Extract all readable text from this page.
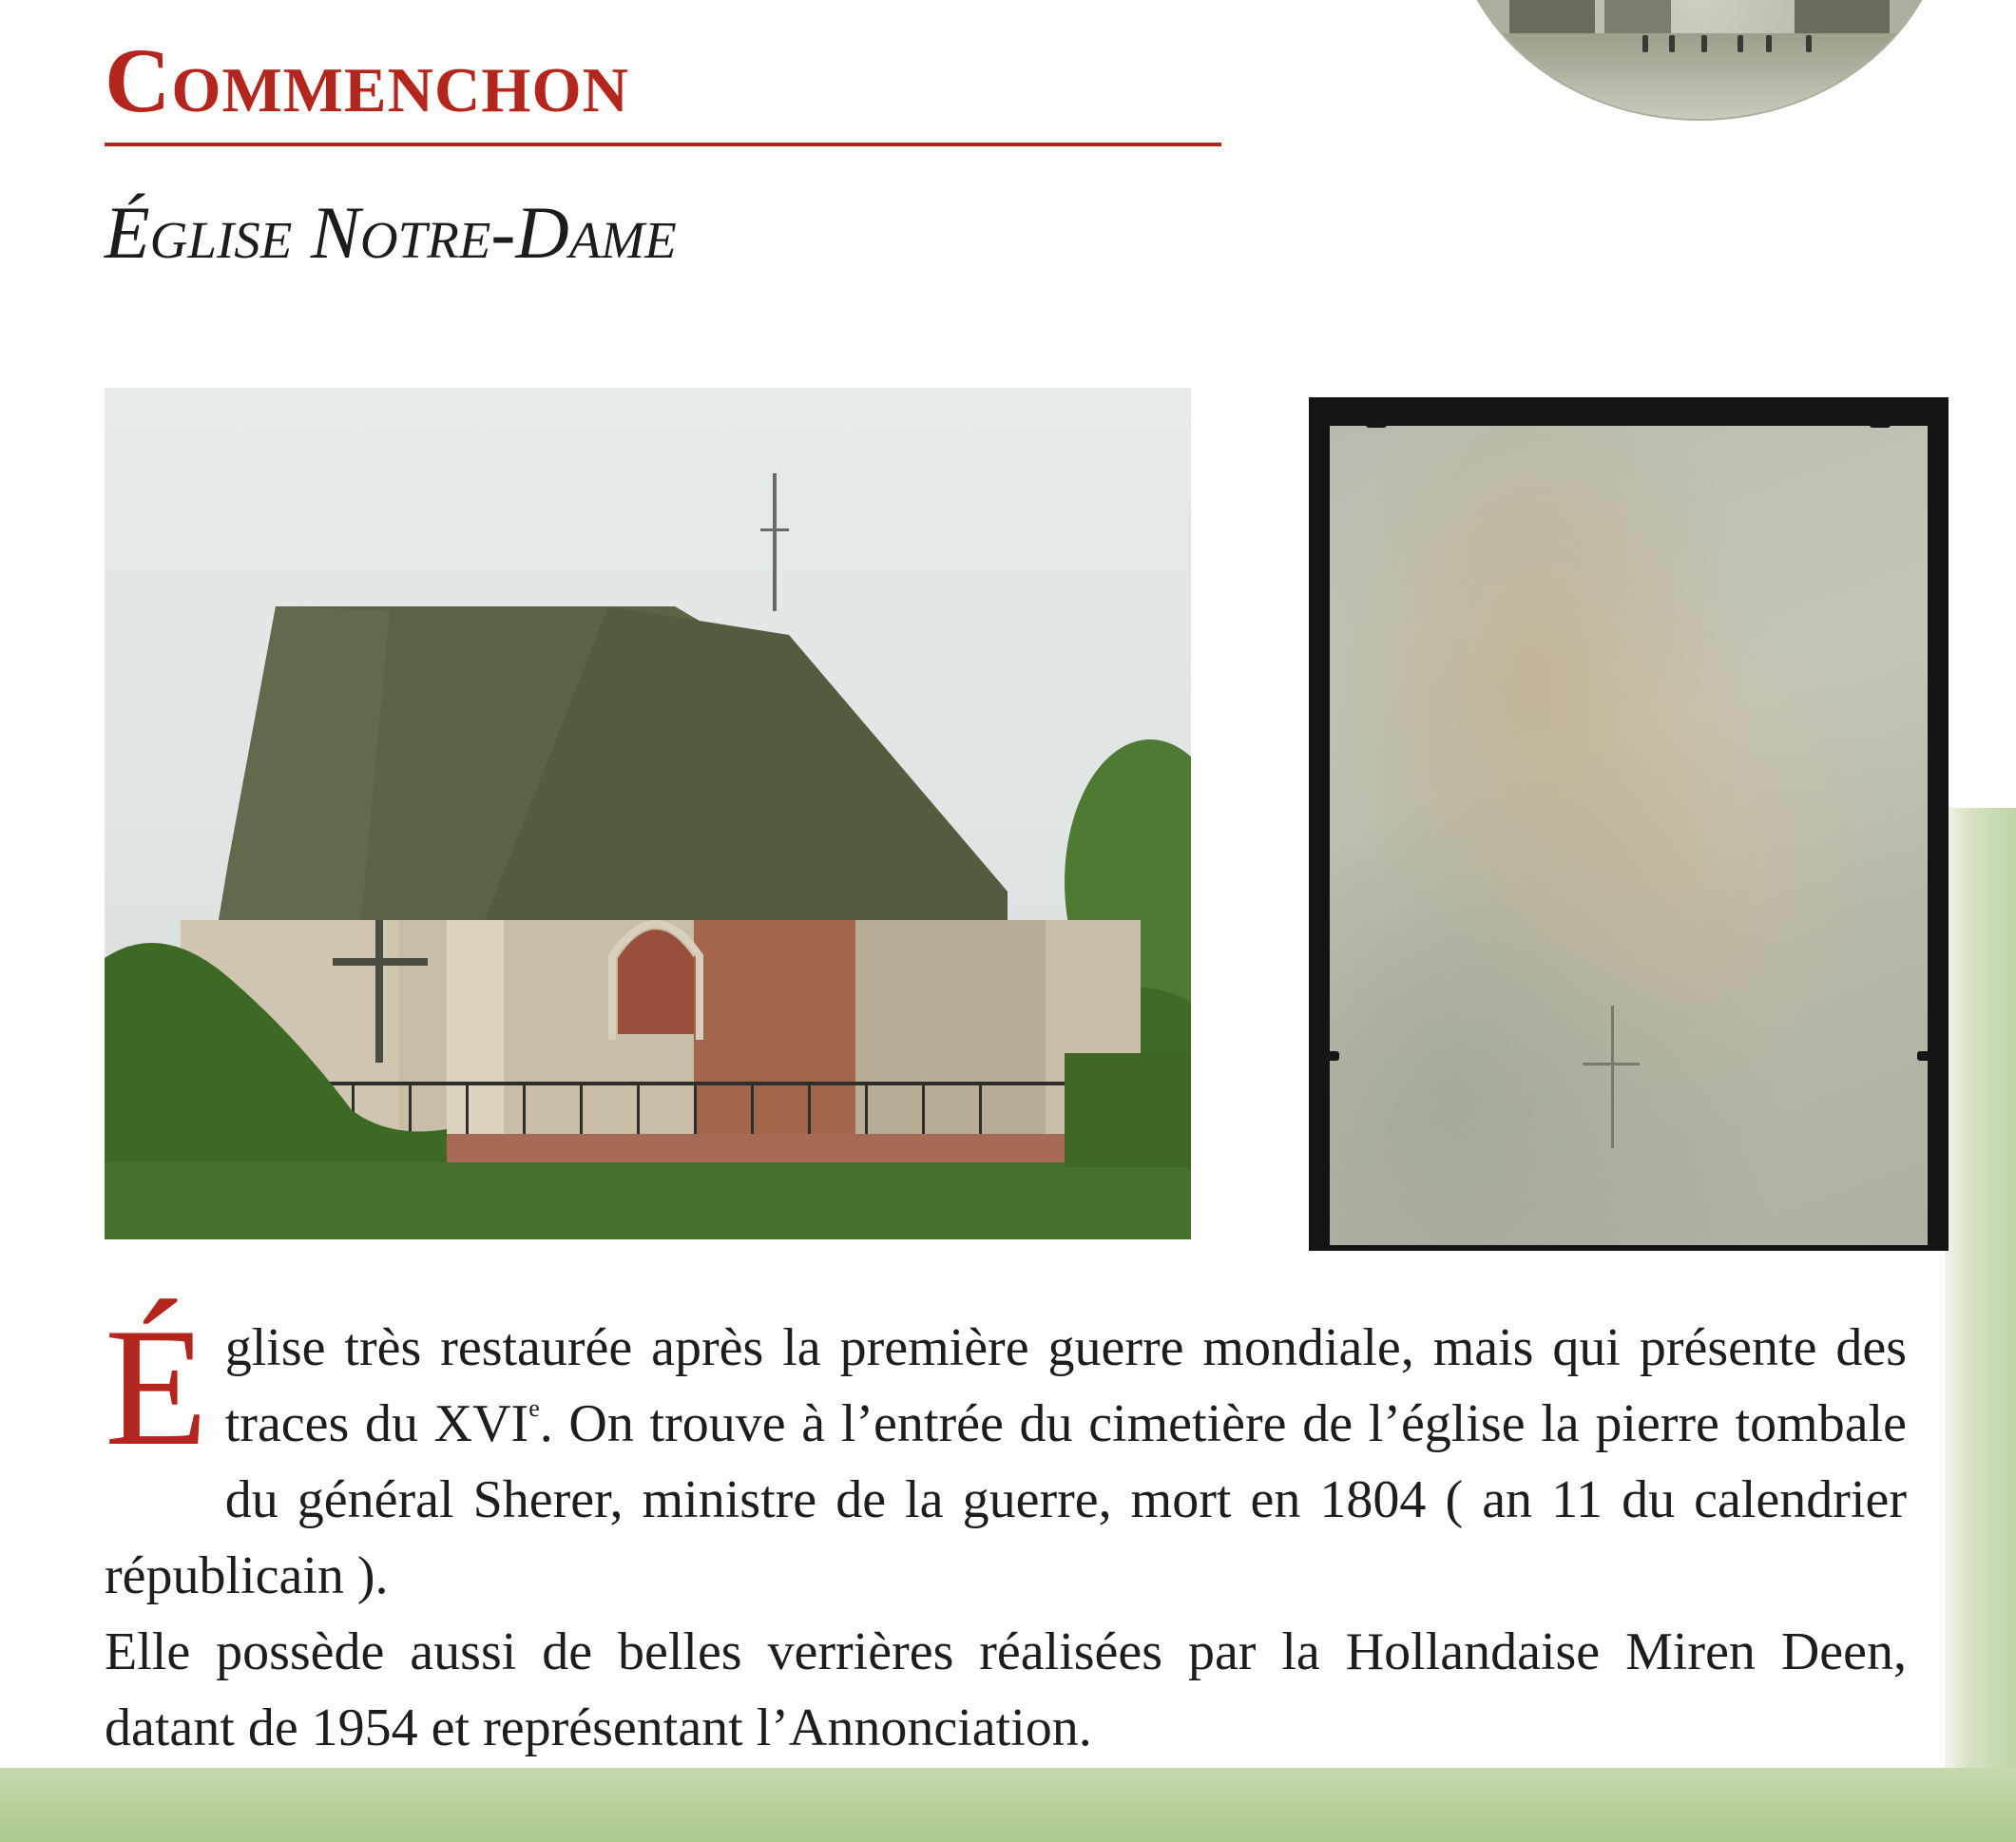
Commenchon
Église Notre-Dame

Église très restaurée après la première guerre mondiale, mais qui présente des traces du XVIe. On trouve à l’entrée du cimetière de l’église la pierre tombale du général Sherer, ministre de la guerre, mort en 1804 ( an 11 du calendrier républicain ).

Elle possède aussi de belles verrières réalisées par la Hollandaise Miren Deen, datant de 1954 et représentant l’Annonciation.
